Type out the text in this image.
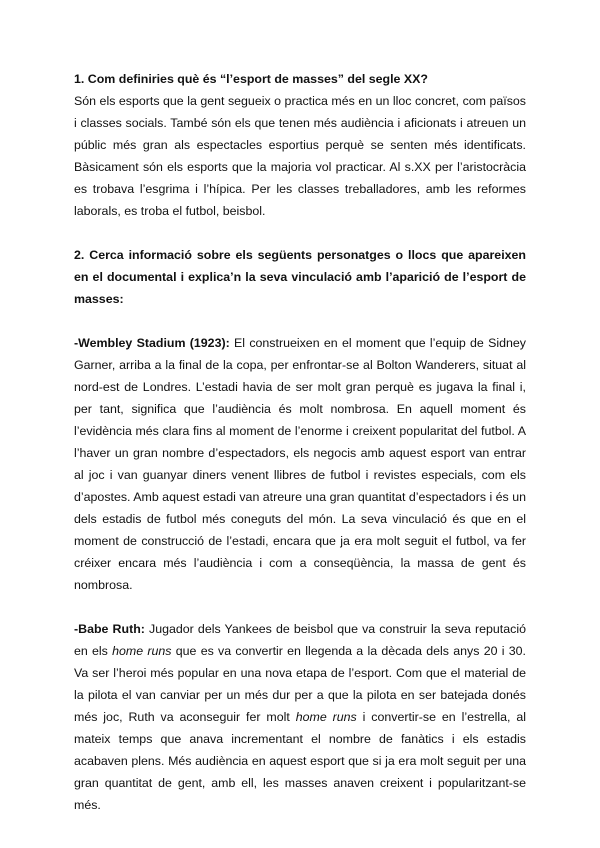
1. Com definiries què és “l’esport de masses” del segle XX?

Són els esports que la gent segueix o practica més en un lloc concret, com països i classes socials. També són els que tenen més audiència i aficionats i atreuen un públic més gran als espectacles esportius perquè se senten més identificats. Bàsicament són els esports que la majoria vol practicar. Al s.XX per l’aristocràcia es trobava l’esgrima i l’hípica. Per les classes treballadores, amb les reformes laborals, es troba el futbol, beisbol.

2. Cerca informació sobre els següents personatges o llocs que apareixen en el documental i explica’n la seva vinculació amb l’aparició de l’esport de masses:

-Wembley Stadium (1923): El construeixen en el moment que l’equip de Sidney Garner, arriba a la final de la copa, per enfrontar-se al Bolton Wanderers, situat al nord-est de Londres. L’estadi havia de ser molt gran perquè es jugava la final i, per tant, significa que l’audiència és molt nombrosa. En aquell moment és l’evidència més clara fins al moment de l’enorme i creixent popularitat del futbol. A l’haver un gran nombre d’espectadors, els negocis amb aquest esport van entrar al joc i van guanyar diners venent llibres de futbol i revistes especials, com els d’apostes. Amb aquest estadi van atreure una gran quantitat d’espectadors i és un dels estadis de futbol més coneguts del món. La seva vinculació és que en el moment de construcció de l’estadi, encara que ja era molt seguit el futbol, va fer créixer encara més l’audiència i com a conseqüència, la massa de gent és nombrosa.

-Babe Ruth: Jugador dels Yankees de beisbol que va construir la seva reputació en els home runs que es va convertir en llegenda a la dècada dels anys 20 i 30. Va ser l’heroi més popular en una nova etapa de l’esport. Com que el material de la pilota el van canviar per un més dur per a que la pilota en ser batejada donés més joc, Ruth va aconseguir fer molt home runs i convertir-se en l’estrella, al mateix temps que anava incrementant el nombre de fanàtics i els estadis acabaven plens. Més audiència en aquest esport que si ja era molt seguit per una gran quantitat de gent, amb ell, les masses anaven creixent i popularitzant-se més.
